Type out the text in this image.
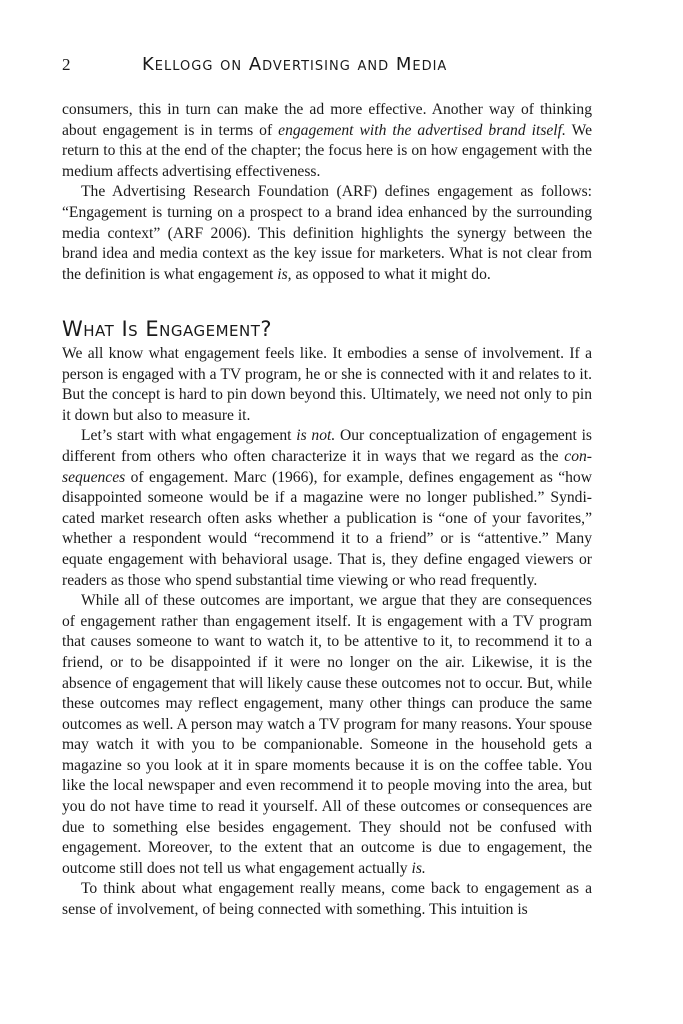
2	Kellogg on Advertising and Media

consumers, this in turn can make the ad more effective. Another way of thinking about engagement is in terms of engagement with the advertised brand itself. We return to this at the end of the chapter; the focus here is on how engagement with the medium affects advertising effectiveness.

The Advertising Research Foundation (ARF) defines engagement as follows: “Engagement is turning on a prospect to a brand idea enhanced by the surrounding media context” (ARF 2006). This definition highlights the synergy between the brand idea and media context as the key issue for marketers. What is not clear from the definition is what engagement is, as opposed to what it might do.

What Is Engagement?

We all know what engagement feels like. It embodies a sense of involvement. If a person is engaged with a TV program, he or she is connected with it and relates to it. But the concept is hard to pin down beyond this. Ultimately, we need not only to pin it down but also to measure it.

Let’s start with what engagement is not. Our conceptualization of engagement is different from others who often characterize it in ways that we regard as the consequences of engagement. Marc (1966), for example, defines engagement as “how disappointed someone would be if a magazine were no longer published.” Syndicated market research often asks whether a publication is “one of your favorites,” whether a respondent would “recommend it to a friend” or is “attentive.” Many equate engagement with behavioral usage. That is, they define engaged viewers or readers as those who spend substantial time viewing or who read frequently.

While all of these outcomes are important, we argue that they are consequences of engagement rather than engagement itself. It is engagement with a TV program that causes someone to want to watch it, to be attentive to it, to recommend it to a friend, or to be disappointed if it were no longer on the air. Likewise, it is the absence of engagement that will likely cause these outcomes not to occur. But, while these outcomes may reflect engagement, many other things can produce the same outcomes as well. A person may watch a TV program for many reasons. Your spouse may watch it with you to be companionable. Someone in the household gets a magazine so you look at it in spare moments because it is on the coffee table. You like the local newspaper and even recommend it to people moving into the area, but you do not have time to read it yourself. All of these outcomes or consequences are due to something else besides engagement. They should not be confused with engagement. Moreover, to the extent that an outcome is due to engagement, the outcome still does not tell us what engagement actually is.

To think about what engagement really means, come back to engagement as a sense of involvement, of being connected with something. This intuition is
